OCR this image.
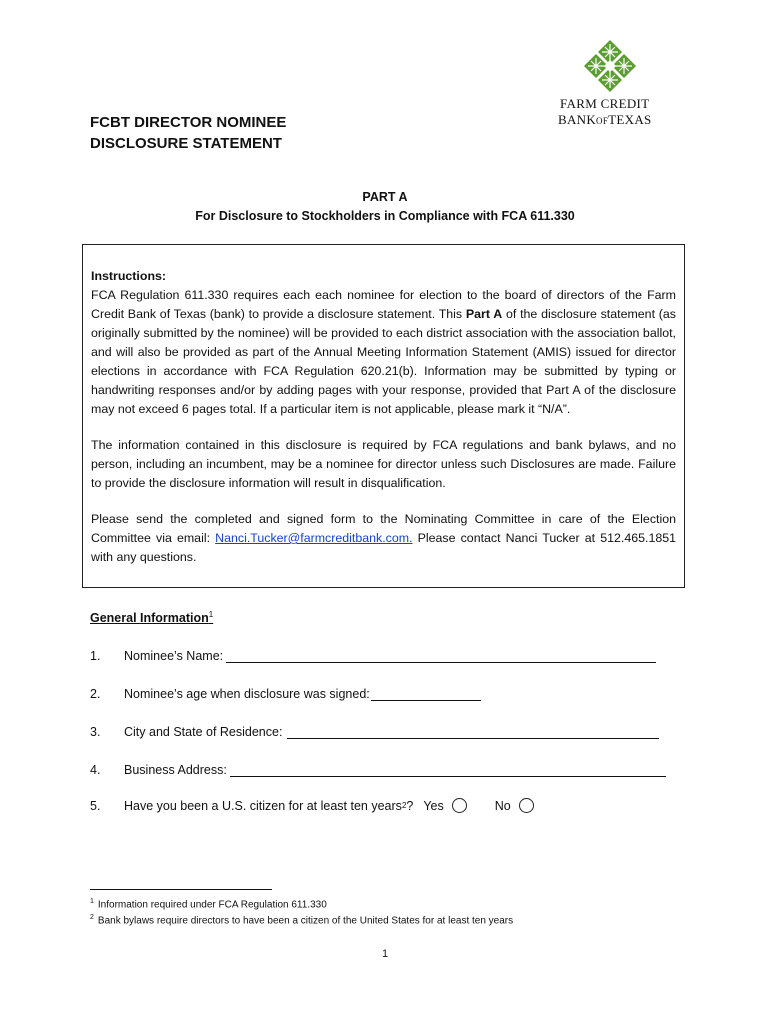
FARM CREDIT
BANKOFTEXAS
FCBT DIRECTOR NOMINEE
DISCLOSURE STATEMENT
PART A
For Disclosure to Stockholders in Compliance with FCA 611.330

Instructions:
FCA Regulation 611.330 requires each each nominee for election to the board of directors of the Farm Credit Bank of Texas (bank) to provide a disclosure statement. This Part A of the disclosure statement (as originally submitted by the nominee) will be provided to each district association with the association ballot, and will also be provided as part of the Annual Meeting Information Statement (AMIS) issued for director elections in accordance with FCA Regulation 620.21(b). Information may be submitted by typing or handwriting responses and/or by adding pages with your response, provided that Part A of the disclosure may not exceed 6 pages total. If a particular item is not applicable, please mark it “N/A”.

The information contained in this disclosure is required by FCA regulations and bank bylaws, and no person, including an incumbent, may be a nominee for director unless such Disclosures are made. Failure to provide the disclosure information will result in disqualification.

Please send the completed and signed form to the Nominating Committee in care of the Election Committee via email: Nanci.Tucker@farmcreditbank.com. Please contact Nanci Tucker at 512.465.1851 with any questions.

General Information$^1$
1.	Nominee’s Name:
2.	Nominee’s age when disclosure was signed:
3.	City and State of Residence:
4.	Business Address:
5.	Have you been a U.S. citizen for at least ten years 2 ? Yes	No
$^1$ Information required under FCA Regulation 611.330
$^2$ Bank bylaws require directors to have been a citizen of the United States for at least ten years
1
